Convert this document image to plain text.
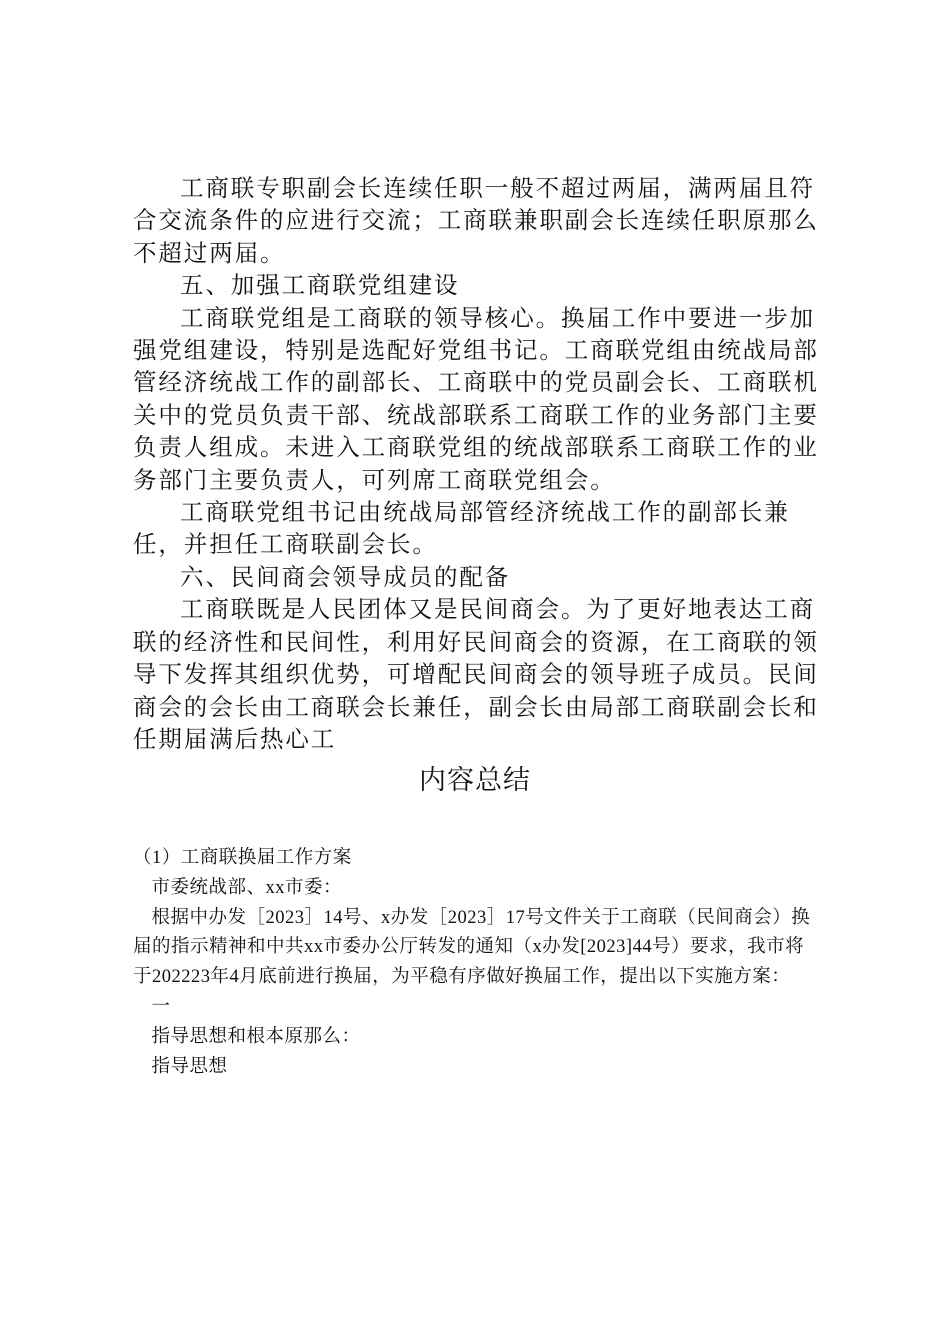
工商联专职副会长连续任职一般不超过两届，满两届且符合交流条件的应进行交流；工商联兼职副会长连续任职原那么不超过两届。

五、加强工商联党组建设

工商联党组是工商联的领导核心。换届工作中要进一步加强党组建设，特别是选配好党组书记。工商联党组由统战局部管经济统战工作的副部长、工商联中的党员副会长、工商联机关中的党员负责干部、统战部联系工商联工作的业务部门主要负责人组成。未进入工商联党组的统战部联系工商联工作的业务部门主要负责人，可列席工商联党组会。

工商联党组书记由统战局部管经济统战工作的副部长兼任，并担任工商联副会长。

六、民间商会领导成员的配备

工商联既是人民团体又是民间商会。为了更好地表达工商联的经济性和民间性，利用好民间商会的资源，在工商联的领导下发挥其组织优势，可增配民间商会的领导班子成员。民间商会的会长由工商联会长兼任，副会长由局部工商联副会长和任期届满后热心工

内容总结

（1）工商联换届工作方案

市委统战部、xx市委：

根据中办发［2023］14号、x办发［2023］17号文件关于工商联（民间商会）换届的指示精神和中共xx市委办公厅转发的通知（x办发[2023]44号）要求，我市将于202223年4月底前进行换届，为平稳有序做好换届工作，提出以下实施方案：

一

指导思想和根本原那么：

指导思想
